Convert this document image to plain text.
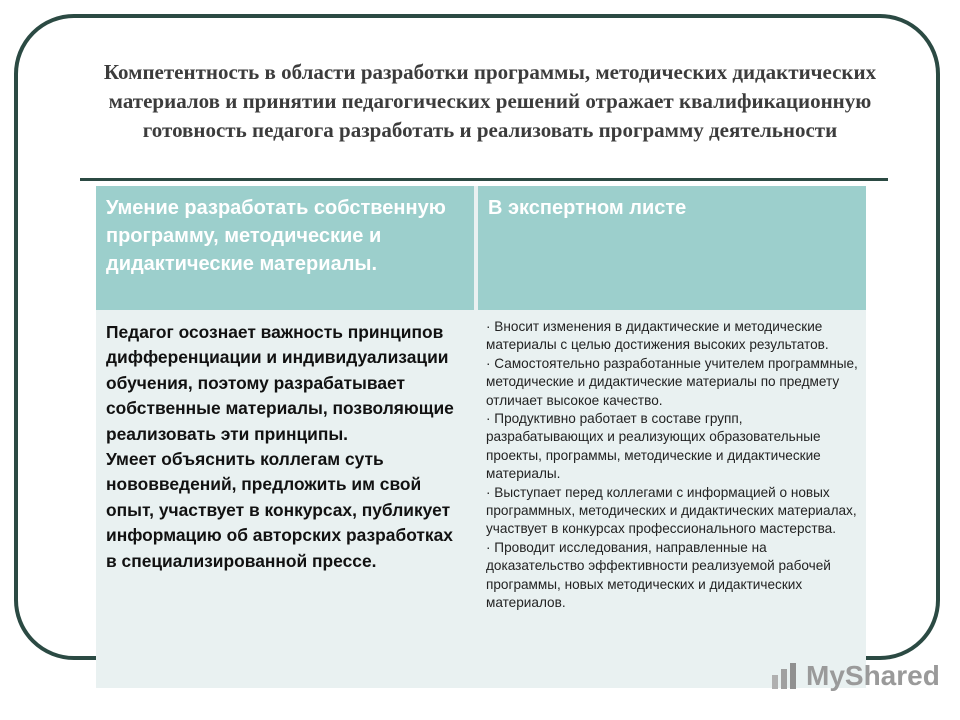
Компетентность в области разработки программы, методических дидактических материалов и принятии педагогических решений отражает квалификационную готовность педагога разработать и реализовать программу деятельности
Умение разработать собственную программу, методические и дидактические материалы.
В экспертном листе
Педагог осознает важность принципов дифференциации и индивидуализации обучения, поэтому разрабатывает собственные материалы, позволяющие реализовать эти принципы.
Умеет объяснить коллегам суть нововведений, предложить им свой опыт, участвует в конкурсах, публикует информацию об авторских разработках в специализированной прессе.
· Вносит изменения в дидактические и методические материалы с целью достижения высоких результатов.
· Самостоятельно разработанные учителем программные, методические и дидактические материалы по предмету отличает высокое качество.
· Продуктивно работает в составе групп, разрабатывающих и реализующих образовательные проекты, программы, методические и дидактические материалы.
· Выступает перед коллегами с информацией о новых программных, методических и дидактических материалах, участвует в конкурсах профессионального мастерства.
· Проводит исследования, направленные на доказательство эффективности реализуемой рабочей программы, новых методических и дидактических материалов.
MyShared
